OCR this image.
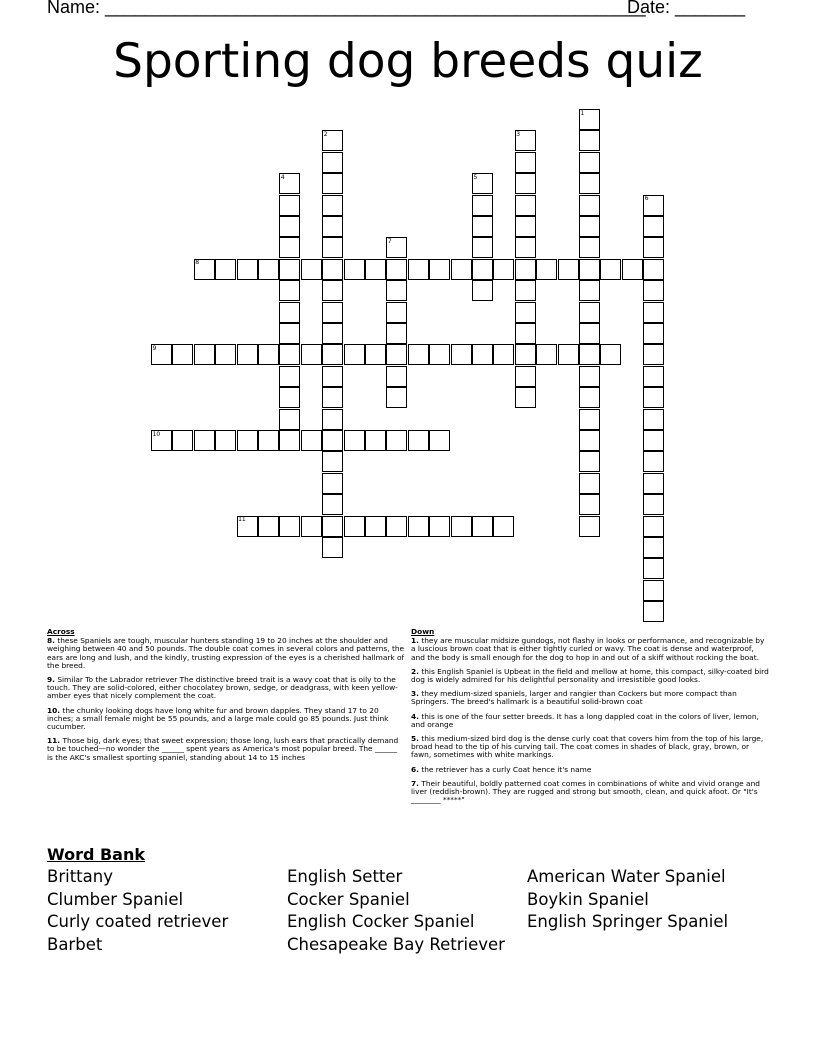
Name: ______________________________________________________
Date: _______
Sporting dog breeds quiz
1
2	3
4	5
6
7
8
9
10
11
Across
8. these Spaniels are tough, muscular hunters standing 19 to 20 inches at the shoulder and weighing between 40 and 50 pounds. The double coat comes in several colors and patterns, the ears are long and lush, and the kindly, trusting expression of the eyes is a cherished hallmark of the breed.
9. Similar To the Labrador retriever The distinctive breed trait is a wavy coat that is oily to the touch. They are solid-colored, either chocolatey brown, sedge, or deadgrass, with keen yellow-amber eyes that nicely complement the coat.
10. the chunky looking dogs have long white fur and brown dapples. They stand 17 to 20 inches; a small female might be 55 pounds, and a large male could go 85 pounds. Just think cucumber.
11. Those big, dark eyes; that sweet expression; those long, lush ears that practically demand to be touched—no wonder the ______ spent years as America's most popular breed. The ______ is the AKC's smallest sporting spaniel, standing about 14 to 15 inches
Down
1. they are muscular midsize gundogs, not flashy in looks or performance, and recognizable by a luscious brown coat that is either tightly curled or wavy. The coat is dense and waterproof, and the body is small enough for the dog to hop in and out of a skiff without rocking the boat.
2. this English Spaniel is Upbeat in the field and mellow at home, this compact, silky-coated bird dog is widely admired for his delightful personality and irresistible good looks.
3. they medium-sized spaniels, larger and rangier than Cockers but more compact than Springers. The breed's hallmark is a beautiful solid-brown coat
4. this is one of the four setter breeds. It has a long dappled coat in the colors of liver, lemon, and orange
5. this medium-sized bird dog is the dense curly coat that covers him from the top of his large, broad head to the tip of his curving tail. The coat comes in shades of black, gray, brown, or fawn, sometimes with white markings.
6. the retriever has a curly Coat hence it's name
7. Their beautiful, boldly patterned coat comes in combinations of white and vivid orange and liver (reddish-brown). They are rugged and strong but smooth, clean, and quick afoot. Or "It's ________ *****"
Word Bank
Brittany
Clumber Spaniel
Curly coated retriever
Barbet
English Setter
Cocker Spaniel
English Cocker Spaniel
Chesapeake Bay Retriever
American Water Spaniel
Boykin Spaniel
English Springer Spaniel
